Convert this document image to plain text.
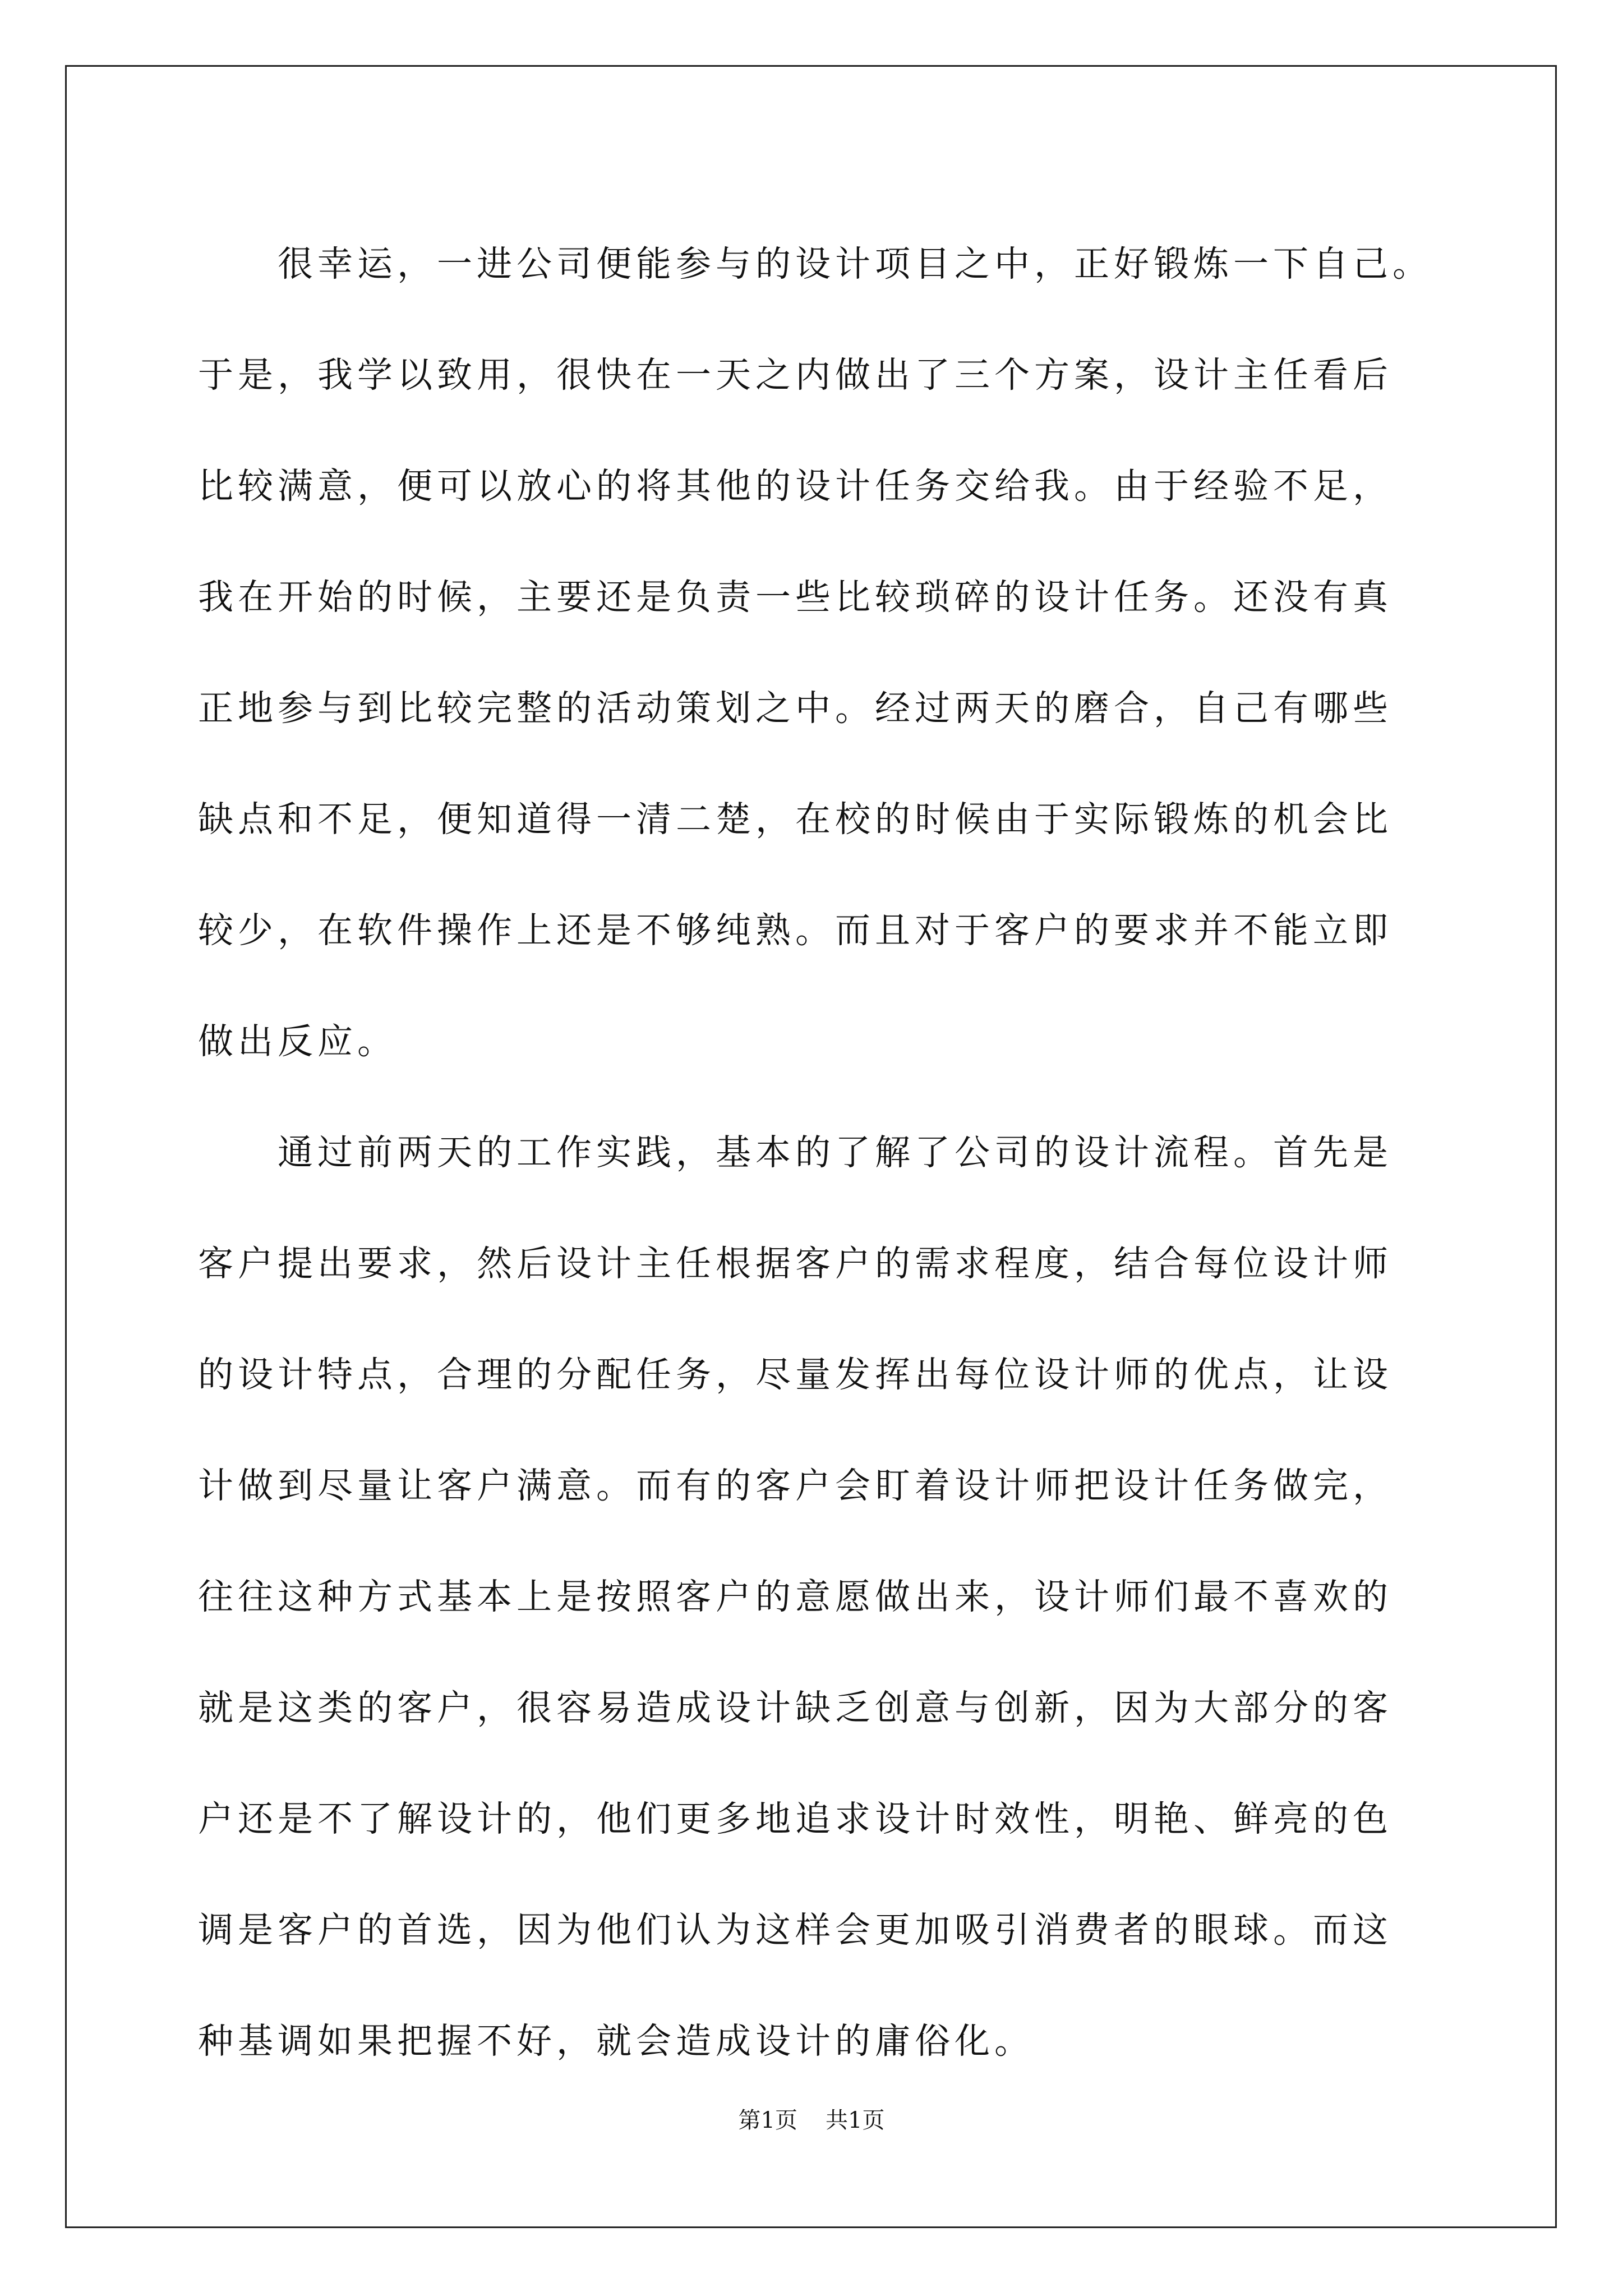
很幸运，一进公司便能参与的设计项目之中，正好锻炼一下自己。
于是，我学以致用，很快在一天之内做出了三个方案，设计主任看后
比较满意，便可以放心的将其他的设计任务交给我。由于经验不足，
我在开始的时候，主要还是负责一些比较琐碎的设计任务。还没有真
正地参与到比较完整的活动策划之中。经过两天的磨合，自己有哪些
缺点和不足，便知道得一清二楚，在校的时候由于实际锻炼的机会比
较少，在软件操作上还是不够纯熟。而且对于客户的要求并不能立即
做出反应。
通过前两天的工作实践，基本的了解了公司的设计流程。首先是
客户提出要求，然后设计主任根据客户的需求程度，结合每位设计师
的设计特点，合理的分配任务，尽量发挥出每位设计师的优点，让设
计做到尽量让客户满意。而有的客户会盯着设计师把设计任务做完，
往往这种方式基本上是按照客户的意愿做出来，设计师们最不喜欢的
就是这类的客户，很容易造成设计缺乏创意与创新，因为大部分的客
户还是不了解设计的，他们更多地追求设计时效性，明艳、鲜亮的色
调是客户的首选，因为他们认为这样会更加吸引消费者的眼球。而这
种基调如果把握不好，就会造成设计的庸俗化。
第1页 共1页
